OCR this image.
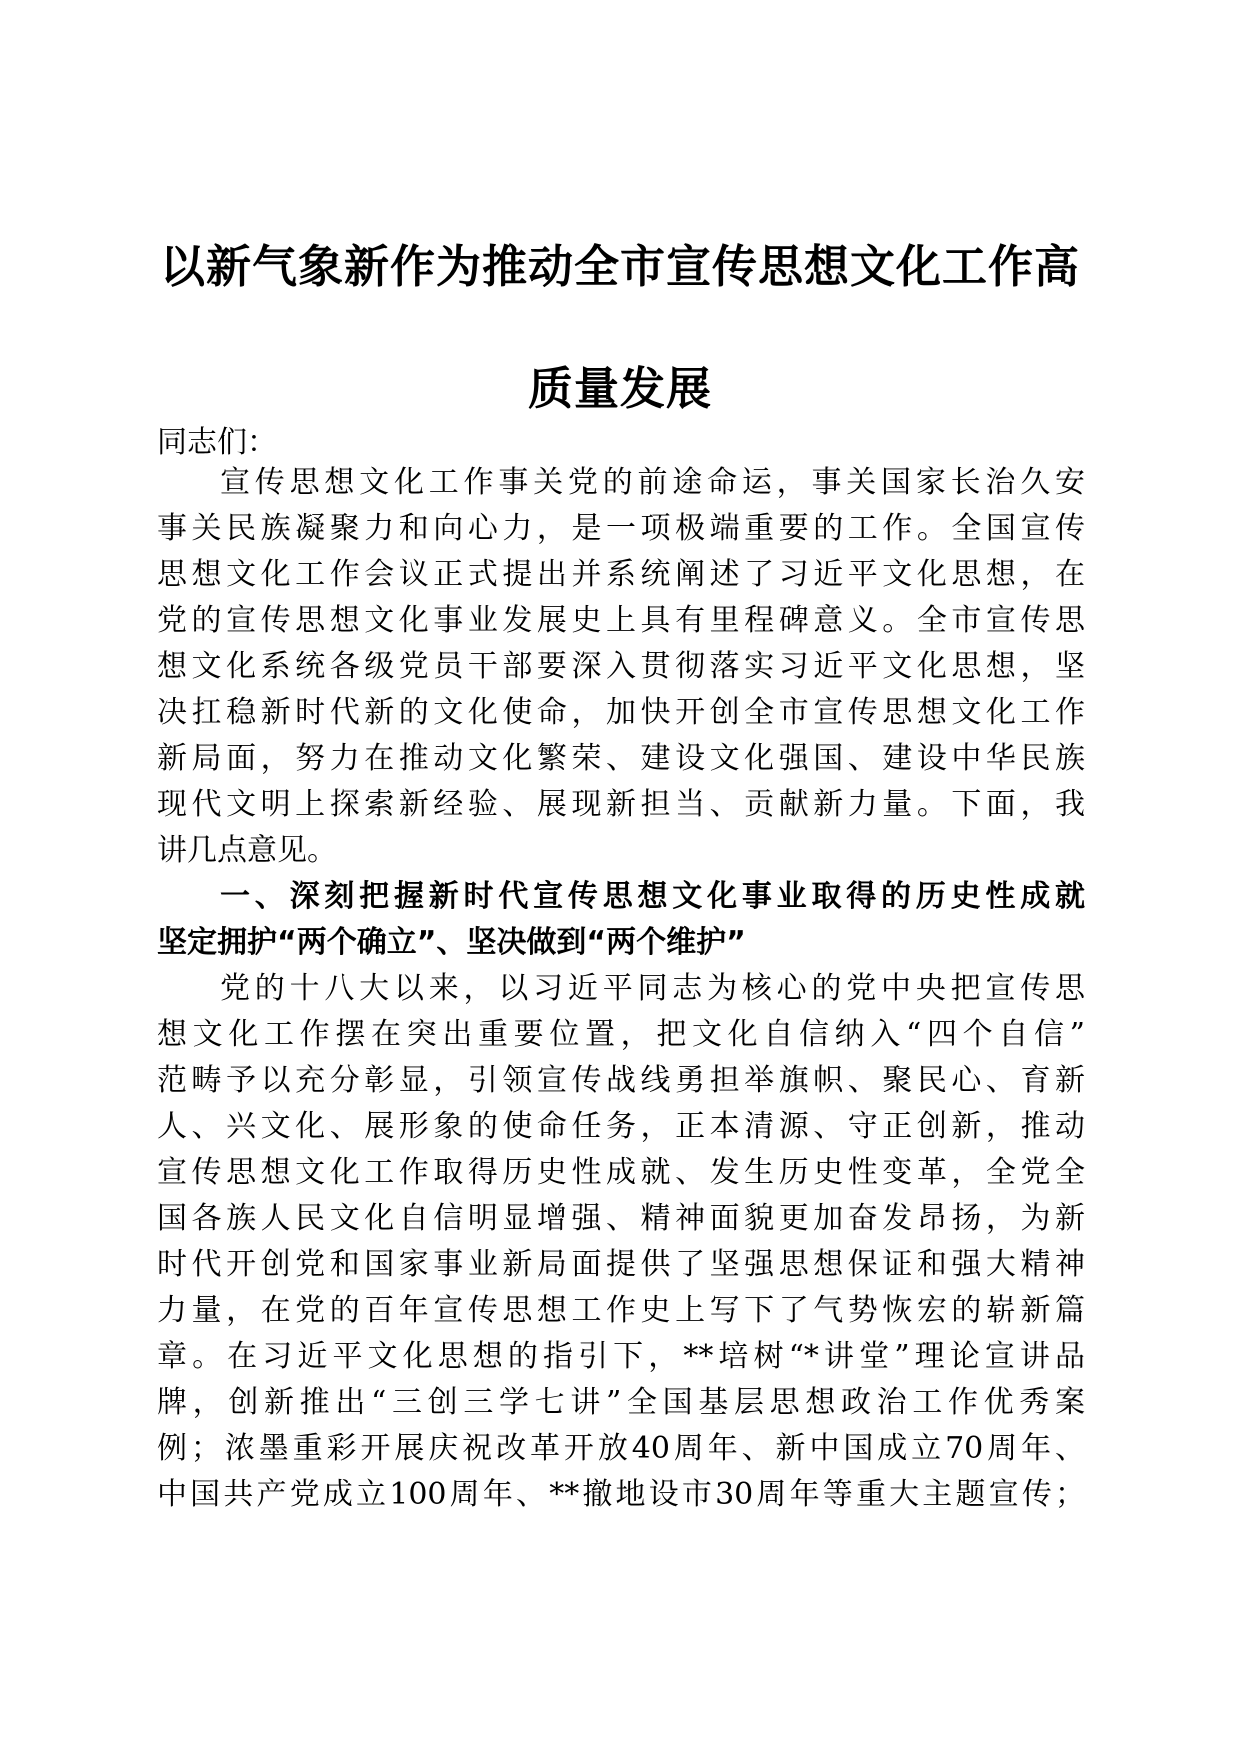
以新气象新作为推动全市宣传思想文化工作高
质量发展
同志们：
宣传思想文化工作事关党的前途命运，事关国家长治久安
事关民族凝聚力和向心力，是一项极端重要的工作。全国宣传
思想文化工作会议正式提出并系统阐述了习近平文化思想，在
党的宣传思想文化事业发展史上具有里程碑意义。全市宣传思
想文化系统各级党员干部要深入贯彻落实习近平文化思想，坚
决扛稳新时代新的文化使命，加快开创全市宣传思想文化工作
新局面，努力在推动文化繁荣、建设文化强国、建设中华民族
现代文明上探索新经验、展现新担当、贡献新力量。下面，我
讲几点意见。
一、深刻把握新时代宣传思想文化事业取得的历史性成就
坚定拥护“两个确立”、坚决做到“两个维护”
党的十八大以来，以习近平同志为核心的党中央把宣传思
想文化工作摆在突出重要位置，把文化自信纳入“四个自信”
范畴予以充分彰显，引领宣传战线勇担举旗帜、聚民心、育新
人、兴文化、展形象的使命任务，正本清源、守正创新，推动
宣传思想文化工作取得历史性成就、发生历史性变革，全党全
国各族人民文化自信明显增强、精神面貌更加奋发昂扬，为新
时代开创党和国家事业新局面提供了坚强思想保证和强大精神
力量，在党的百年宣传思想工作史上写下了气势恢宏的崭新篇
章。在习近平文化思想的指引下，**培树“*讲堂”理论宣讲品
牌，创新推出“三创三学七讲”全国基层思想政治工作优秀案
例；浓墨重彩开展庆祝改革开放40周年、新中国成立70周年、
中国共产党成立100周年、**撤地设市30周年等重大主题宣传；
